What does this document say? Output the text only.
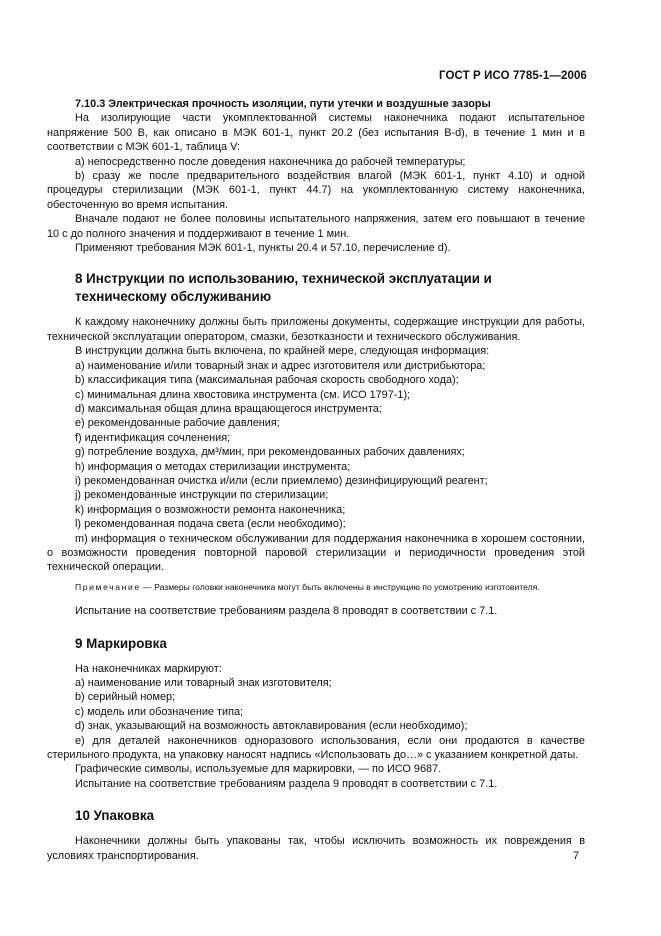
ГОСТ Р ИСО 7785-1—2006
7.10.3 Электрическая прочность изоляции, пути утечки и воздушные зазоры

На изолирующие части укомплектованной системы наконечника подают испытательное напряжение 500 В, как описано в МЭК 601-1, пункт 20.2 (без испытания В-d), в течение 1 мин и в соответствии с МЭК 601-1, таблица V:

a) непосредственно после доведения наконечника до рабочей температуры;

b) сразу же после предварительного воздействия влагой (МЭК 601-1, пункт 4.10) и одной процедуры стерилизации (МЭК 601-1, пункт 44.7) на укомплектованную систему наконечника, обесточенную во время испытания.

Вначале подают не более половины испытательного напряжения, затем его повышают в течение 10 с до полного значения и поддерживают в течение 1 мин.

Применяют требования МЭК 601-1, пункты 20.4 и 57.10, перечисление d).

8 Инструкции по использованию, технической эксплуатации и
техническому обслуживанию

К каждому наконечнику должны быть приложены документы, содержащие инструкции для работы, технической эксплуатации оператором, смазки, безотказности и технического обслуживания.

В инструкции должна быть включена, по крайней мере, следующая информация:

a) наименование и/или товарный знак и адрес изготовителя или дистрибьютора;
b) классификация типа (максимальная рабочая скорость свободного хода);
c) минимальная длина хвостовика инструмента (см. ИСО 1797-1);
d) максимальная общая длина вращающегося инструмента;
e) рекомендованные рабочие давления;
f) идентификация сочленения;
g) потребление воздуха, дм³/мин, при рекомендованных рабочих давлениях;
h) информация о методах стерилизации инструмента;
i) рекомендованная очистка и/или (если приемлемо) дезинфицирующий реагент;
j) рекомендованные инструкции по стерилизации;
k) информация о возможности ремонта наконечника;
l) рекомендованная подача света (если необходимо);

m) информация о техническом обслуживании для поддержания наконечника в хорошем состоянии, о возможности проведения повторной паровой стерилизации и периодичности проведения этой технической операции.

Примечание — Размеры головки наконечника могут быть включены в инструкцию по усмотрению изготовителя.

Испытание на соответствие требованиям раздела 8 проводят в соответствии с 7.1.

9 Маркировка

На наконечниках маркируют:

a) наименование или товарный знак изготовителя;
b) серийный номер;
c) модель или обозначение типа;
d) знак, указывающий на возможность автоклавирования (если необходимо);

e) для деталей наконечников одноразового использования, если они продаются в качестве стерильного продукта, на упаковку наносят надпись «Использовать до…» с указанием конкретной даты.

Графические символы, используемые для маркировки, — по ИСО 9687.

Испытание на соответствие требованиям раздела 9 проводят в соответствии с 7.1.

10 Упаковка

Наконечники должны быть упакованы так, чтобы исключить возможность их повреждения в условиях транспортирования.	7
